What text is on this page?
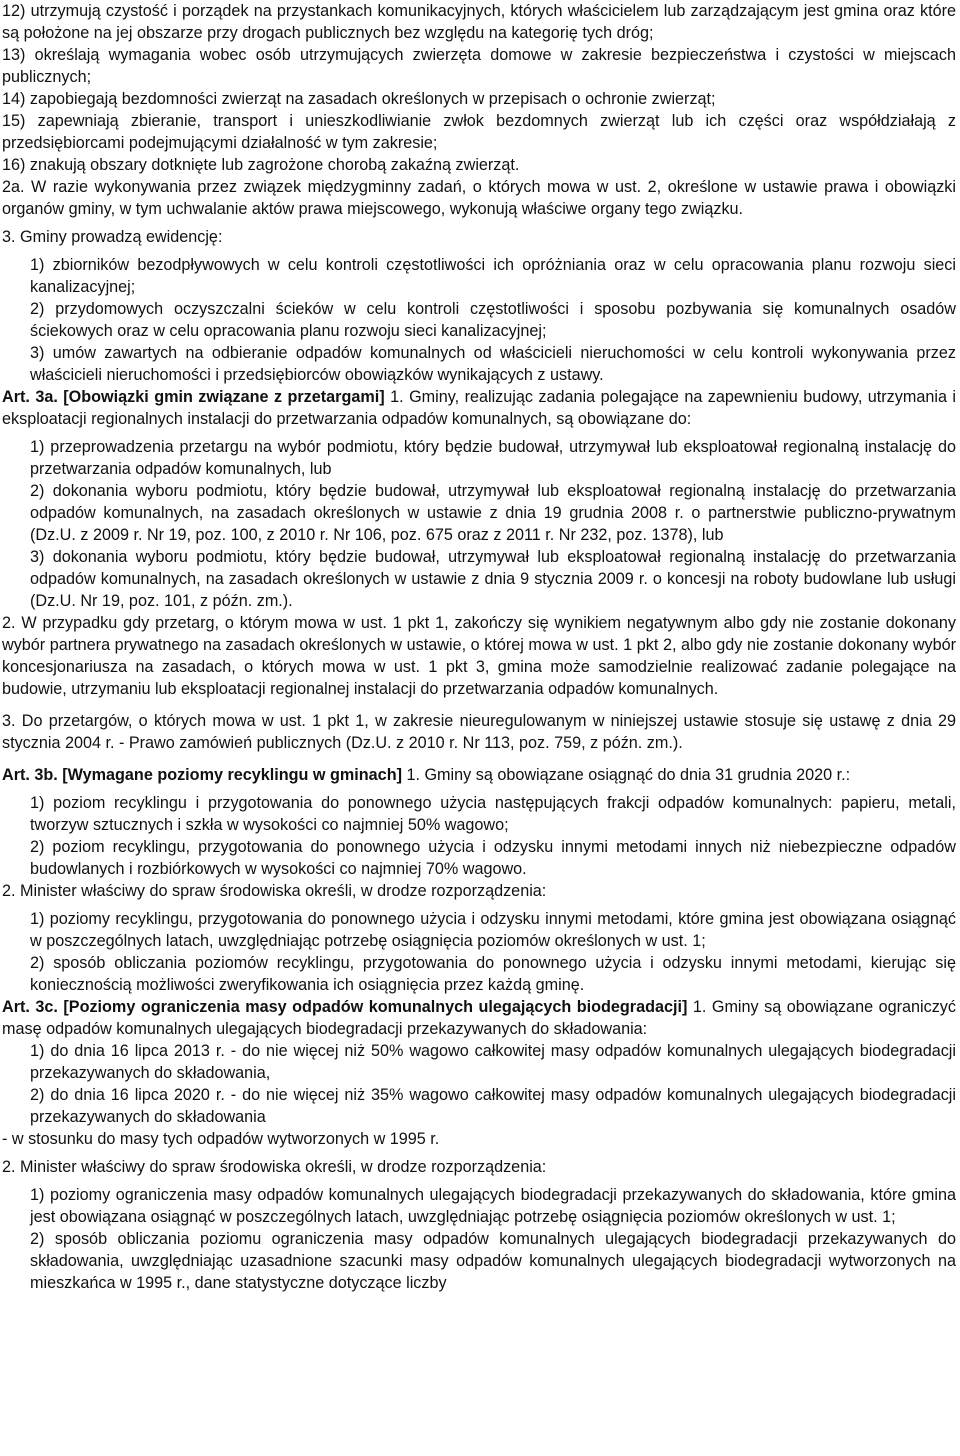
12) utrzymują czystość i porządek na przystankach komunikacyjnych, których właścicielem lub zarządzającym jest gmina oraz które są położone na jej obszarze przy drogach publicznych bez względu na kategorię tych dróg;

13) określają wymagania wobec osób utrzymujących zwierzęta domowe w zakresie bezpieczeństwa i czystości w miejscach publicznych;

14) zapobiegają bezdomności zwierząt na zasadach określonych w przepisach o ochronie zwierząt;

15) zapewniają zbieranie, transport i unieszkodliwianie zwłok bezdomnych zwierząt lub ich części oraz współdziałają z przedsiębiorcami podejmującymi działalność w tym zakresie;

16) znakują obszary dotknięte lub zagrożone chorobą zakaźną zwierząt.

2a. W razie wykonywania przez związek międzygminny zadań, o których mowa w ust. 2, określone w ustawie prawa i obowiązki organów gminy, w tym uchwalanie aktów prawa miejscowego, wykonują właściwe organy tego związku.

3. Gminy prowadzą ewidencję:

1) zbiorników bezodpływowych w celu kontroli częstotliwości ich opróżniania oraz w celu opracowania planu rozwoju sieci kanalizacyjnej;

2) przydomowych oczyszczalni ścieków w celu kontroli częstotliwości i sposobu pozbywania się komunalnych osadów ściekowych oraz w celu opracowania planu rozwoju sieci kanalizacyjnej;

3) umów zawartych na odbieranie odpadów komunalnych od właścicieli nieruchomości w celu kontroli wykonywania przez właścicieli nieruchomości i przedsiębiorców obowiązków wynikających z ustawy.

Art. 3a. [Obowiązki gmin związane z przetargami] 1. Gminy, realizując zadania polegające na zapewnieniu budowy, utrzymania i eksploatacji regionalnych instalacji do przetwarzania odpadów komunalnych, są obowiązane do:

1) przeprowadzenia przetargu na wybór podmiotu, który będzie budował, utrzymywał lub eksploatował regionalną instalację do przetwarzania odpadów komunalnych, lub

2) dokonania wyboru podmiotu, który będzie budował, utrzymywał lub eksploatował regionalną instalację do przetwarzania odpadów komunalnych, na zasadach określonych w ustawie z dnia 19 grudnia 2008 r. o partnerstwie publiczno-prywatnym (Dz.U. z 2009 r. Nr 19, poz. 100, z 2010 r. Nr 106, poz. 675 oraz z 2011 r. Nr 232, poz. 1378), lub

3) dokonania wyboru podmiotu, który będzie budował, utrzymywał lub eksploatował regionalną instalację do przetwarzania odpadów komunalnych, na zasadach określonych w ustawie z dnia 9 stycznia 2009 r. o koncesji na roboty budowlane lub usługi (Dz.U. Nr 19, poz. 101, z późn. zm.).

2. W przypadku gdy przetarg, o którym mowa w ust. 1 pkt 1, zakończy się wynikiem negatywnym albo gdy nie zostanie dokonany wybór partnera prywatnego na zasadach określonych w ustawie, o której mowa w ust. 1 pkt 2, albo gdy nie zostanie dokonany wybór koncesjonariusza na zasadach, o których mowa w ust. 1 pkt 3, gmina może samodzielnie realizować zadanie polegające na budowie, utrzymaniu lub eksploatacji regionalnej instalacji do przetwarzania odpadów komunalnych.

3. Do przetargów, o których mowa w ust. 1 pkt 1, w zakresie nieuregulowanym w niniejszej ustawie stosuje się ustawę z dnia 29 stycznia 2004 r. - Prawo zamówień publicznych (Dz.U. z 2010 r. Nr 113, poz. 759, z późn. zm.).

Art. 3b. [Wymagane poziomy recyklingu w gminach] 1. Gminy są obowiązane osiągnąć do dnia 31 grudnia 2020 r.:

1) poziom recyklingu i przygotowania do ponownego użycia następujących frakcji odpadów komunalnych: papieru, metali, tworzyw sztucznych i szkła w wysokości co najmniej 50% wagowo;

2) poziom recyklingu, przygotowania do ponownego użycia i odzysku innymi metodami innych niż niebezpieczne odpadów budowlanych i rozbiórkowych w wysokości co najmniej 70% wagowo.

2. Minister właściwy do spraw środowiska określi, w drodze rozporządzenia:

1) poziomy recyklingu, przygotowania do ponownego użycia i odzysku innymi metodami, które gmina jest obowiązana osiągnąć w poszczególnych latach, uwzględniając potrzebę osiągnięcia poziomów określonych w ust. 1;

2) sposób obliczania poziomów recyklingu, przygotowania do ponownego użycia i odzysku innymi metodami, kierując się koniecznością możliwości zweryfikowania ich osiągnięcia przez każdą gminę.

Art. 3c. [Poziomy ograniczenia masy odpadów komunalnych ulegających biodegradacji] 1. Gminy są obowiązane ograniczyć masę odpadów komunalnych ulegających biodegradacji przekazywanych do składowania:

1) do dnia 16 lipca 2013 r. - do nie więcej niż 50% wagowo całkowitej masy odpadów komunalnych ulegających biodegradacji przekazywanych do składowania,

2) do dnia 16 lipca 2020 r. - do nie więcej niż 35% wagowo całkowitej masy odpadów komunalnych ulegających biodegradacji przekazywanych do składowania

- w stosunku do masy tych odpadów wytworzonych w 1995 r.

2. Minister właściwy do spraw środowiska określi, w drodze rozporządzenia:

1) poziomy ograniczenia masy odpadów komunalnych ulegających biodegradacji przekazywanych do składowania, które gmina jest obowiązana osiągnąć w poszczególnych latach, uwzględniając potrzebę osiągnięcia poziomów określonych w ust. 1;

2) sposób obliczania poziomu ograniczenia masy odpadów komunalnych ulegających biodegradacji przekazywanych do składowania, uwzględniając uzasadnione szacunki masy odpadów komunalnych ulegających biodegradacji wytworzonych na mieszkańca w 1995 r., dane statystyczne dotyczące liczby
